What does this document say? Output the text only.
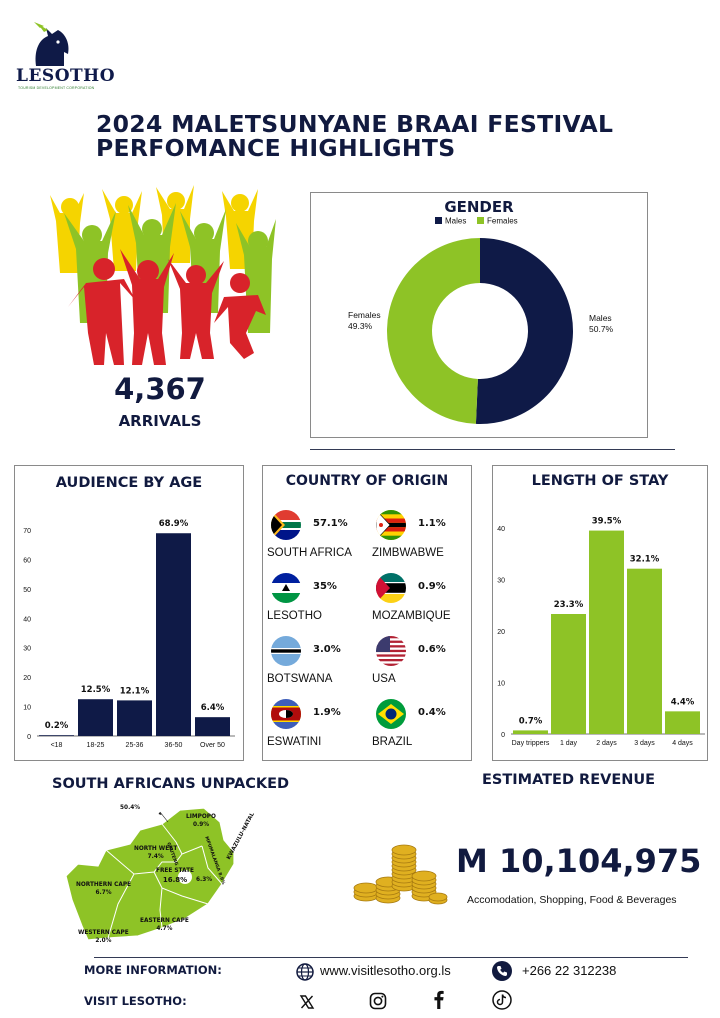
LESOTHO
TOURISM DEVELOPMENT CORPORATION
2024 MALETSUNYANE BRAAI FESTIVAL
PERFOMANCE HIGHLIGHTS
4,367
ARRIVALS
GENDER
Males	Females
Males 50.7%
Females 49.3%
AUDIENCE BY AGE
0
10
20
30
40
50
60
70
0.2%
<18
12.5%
18-25
12.1%
25-36
68.9%
36-50
6.4%
Over 50
COUNTRY OF ORIGIN
57.1%
SOUTH AFRICA
1.1%
ZIMBWABWE
35%
LESOTHO
0.9%
MOZAMBIQUE
3.0%
BOTSWANA
0.6%
USA
1.9%
ESWATINI
0.4%
BRAZIL
LENGTH OF STAY
0
10
20
30
40
0.7%
Day trippers
23.3%
1 day
39.5%
2 days
32.1%
3 days
4.4%
4 days
SOUTH AFRICANS UNPACKED
50.4%
LIMPOPO
0.9%
NORTH WEST
7.4% GAUTENG	MPUMALANGA 8.9%
FREE STATE
16.8%
KWAZULU-NATAL
6.3%
NORTHERN CAPE
6.7%
EASTERN CAPE
4.7%
WESTERN CAPE
2.0%
ESTIMATED REVENUE
M 10,104,975
Accomodation, Shopping, Food & Beverages
MORE INFORMATION:
VISIT LESOTHO:
www.visitlesotho.org.ls	+266 22 312238
